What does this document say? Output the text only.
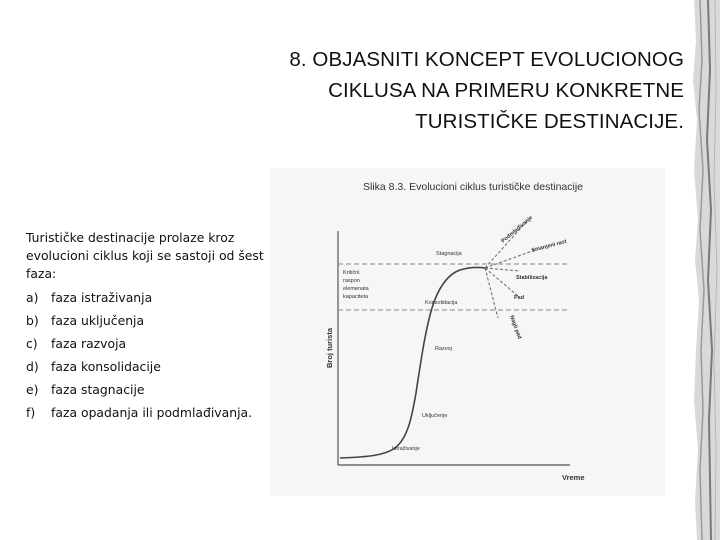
8. OBJASNITI KONCEPT EVOLUCIONOG
CIKLUSA NA PRIMERU KONKRETNE
TURISTIČKE DESTINACIJE.
Turističke destinacije prolaze kroz evolucioni ciklus koji se sastoji od šest faza:
a)	faza istraživanja
b) faza uključenja
c)	faza razvoja
d) faza konsolidacije
e)	faza stagnacije
f)	faza opadanja ili podmlađivanja.
Slika 8.3. Evolucioni ciklus turističke destinacije
Broj turista
Vreme
Kritični
raspon
elemenata
kapaciteta
Podmlađivanje
Smanjeni rast
Stabilizacija
Pad
Nagli pad
Istraživanje
Uključenje
Razvoj
Konsolidacija
Stagnacija
